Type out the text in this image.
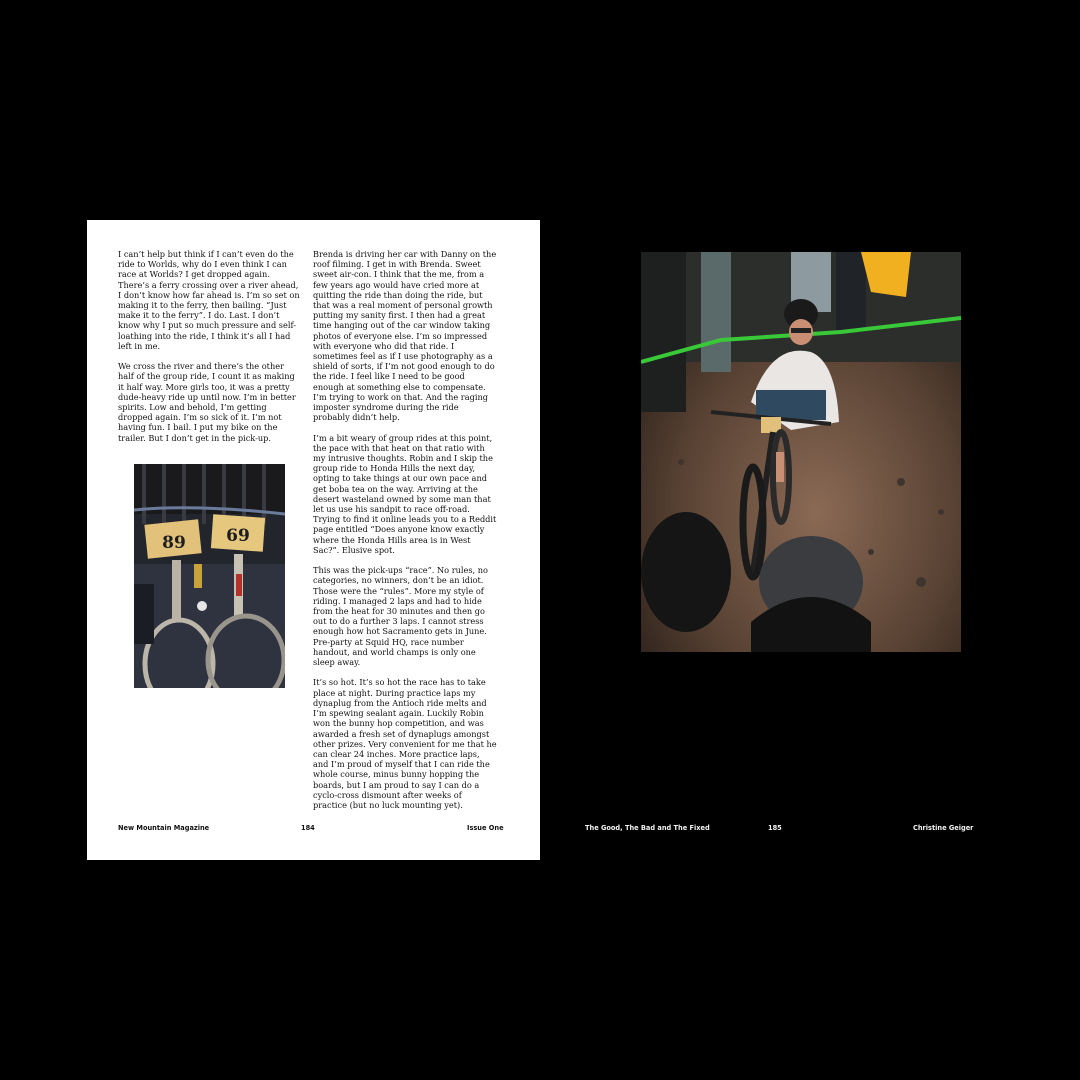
I can’t help but think if I can’t even do the ride to Worlds, why do I even think I can race at Worlds? I get dropped again. There’s a ferry crossing over a river ahead, I don’t know how far ahead is. I’m so set on making it to the ferry, then bailing. “Just make it to the ferry”. I do. Last. I don’t know why I put so much pressure and self-loathing into the ride, I think it’s all I had left in me.

We cross the river and there’s the other half of the group ride, I count it as making it half way. More girls too, it was a pretty dude-heavy ride up until now. I’m in better spirits. Low and behold, I’m getting dropped again. I’m so sick of it. I’m not having fun. I bail. I put my bike on the trailer. But I don’t get in the pick-up.

89 69

Brenda is driving her car with Danny on the roof filming. I get in with Brenda. Sweet sweet air-con. I think that the me, from a few years ago would have cried more at quitting the ride than doing the ride, but that was a real moment of personal growth putting my sanity first. I then had a great time hanging out of the car window taking photos of everyone else. I’m so impressed with everyone who did that ride. I sometimes feel as if I use photography as a shield of sorts, if I’m not good enough to do the ride. I feel like I need to be good enough at something else to compensate. I’m trying to work on that. And the raging imposter syndrome during the ride probably didn’t help.

I’m a bit weary of group rides at this point, the pace with that heat on that ratio with my intrusive thoughts. Robin and I skip the group ride to Honda Hills the next day, opting to take things at our own pace and get boba tea on the way. Arriving at the desert wasteland owned by some man that let us use his sandpit to race off-road. Trying to find it online leads you to a Reddit page entitled “Does anyone know exactly where the Honda Hills area is in West Sac?”. Elusive spot.

This was the pick-ups “race”. No rules, no categories, no winners, don’t be an idiot. Those were the “rules”. More my style of riding. I managed 2 laps and had to hide from the heat for 30 minutes and then go out to do a further 3 laps. I cannot stress enough how hot Sacramento gets in June. Pre-party at Squid HQ, race number handout, and world champs is only one sleep away.

It’s so hot. It’s so hot the race has to take place at night. During practice laps my dynaplug from the Antioch ride melts and I’m spewing sealant again. Luckily Robin won the bunny hop competition, and was awarded a fresh set of dynaplugs amongst other prizes. Very convenient for me that he can clear 24 inches. More practice laps, and I’m proud of myself that I can ride the whole course, minus bunny hopping the boards, but I am proud to say I can do a cyclo-cross dismount after weeks of practice (but no luck mounting yet).

New Mountain Magazine	184	Issue One	The Good, The Bad and The Fixed	185	Christine Geiger
